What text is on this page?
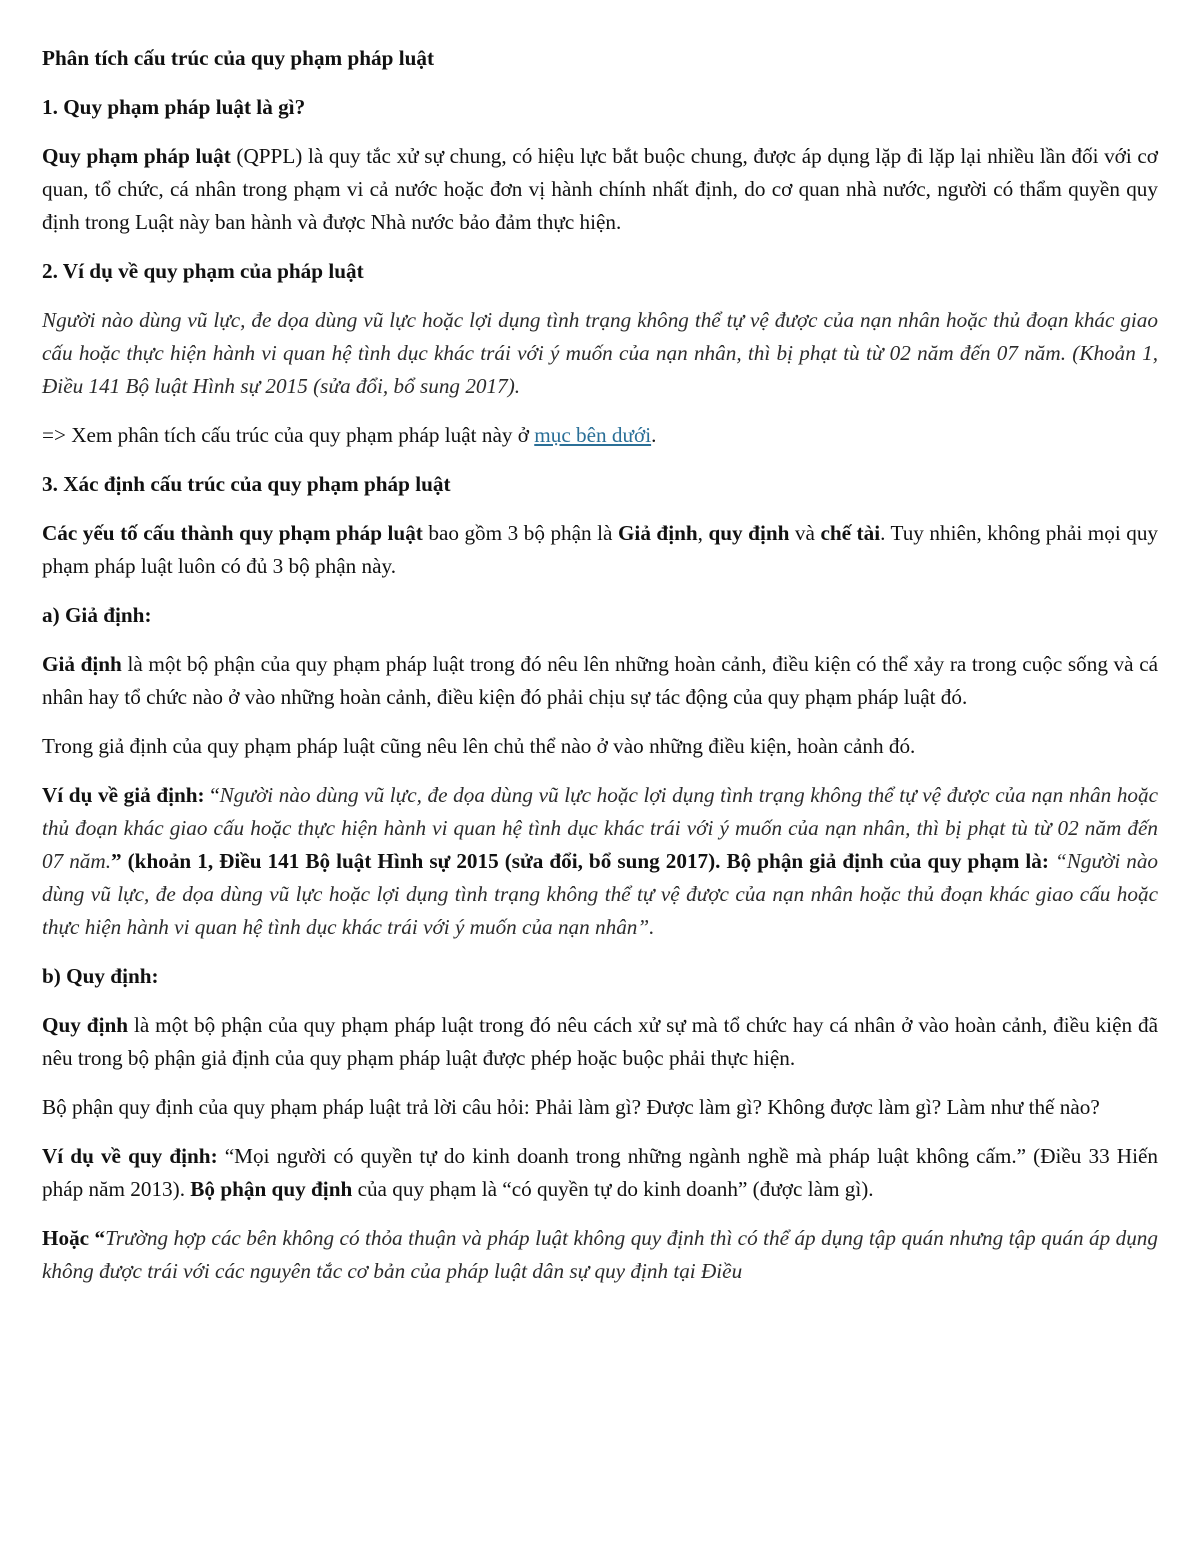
Phân tích cấu trúc của quy phạm pháp luật
1. Quy phạm pháp luật là gì?

Quy phạm pháp luật (QPPL) là quy tắc xử sự chung, có hiệu lực bắt buộc chung, được áp dụng lặp đi lặp lại nhiều lần đối với cơ quan, tổ chức, cá nhân trong phạm vi cả nước hoặc đơn vị hành chính nhất định, do cơ quan nhà nước, người có thẩm quyền quy định trong Luật này ban hành và được Nhà nước bảo đảm thực hiện.

2. Ví dụ về quy phạm của pháp luật

Người nào dùng vũ lực, đe dọa dùng vũ lực hoặc lợi dụng tình trạng không thể tự vệ được của nạn nhân hoặc thủ đoạn khác giao cấu hoặc thực hiện hành vi quan hệ tình dục khác trái với ý muốn của nạn nhân, thì bị phạt tù từ 02 năm đến 07 năm. (Khoản 1, Điều 141 Bộ luật Hình sự 2015 (sửa đổi, bổ sung 2017).

=> Xem phân tích cấu trúc của quy phạm pháp luật này ở mục bên dưới.

3. Xác định cấu trúc của quy phạm pháp luật

Các yếu tố cấu thành quy phạm pháp luật bao gồm 3 bộ phận là Giả định, quy định và chế tài. Tuy nhiên, không phải mọi quy phạm pháp luật luôn có đủ 3 bộ phận này.

a) Giả định:

Giả định là một bộ phận của quy phạm pháp luật trong đó nêu lên những hoàn cảnh, điều kiện có thể xảy ra trong cuộc sống và cá nhân hay tổ chức nào ở vào những hoàn cảnh, điều kiện đó phải chịu sự tác động của quy phạm pháp luật đó.

Trong giả định của quy phạm pháp luật cũng nêu lên chủ thể nào ở vào những điều kiện, hoàn cảnh đó.

Ví dụ về giả định: “Người nào dùng vũ lực, đe dọa dùng vũ lực hoặc lợi dụng tình trạng không thể tự vệ được của nạn nhân hoặc thủ đoạn khác giao cấu hoặc thực hiện hành vi quan hệ tình dục khác trái với ý muốn của nạn nhân, thì bị phạt tù từ 02 năm đến 07 năm.” (khoản 1, Điều 141 Bộ luật Hình sự 2015 (sửa đổi, bổ sung 2017). Bộ phận giả định của quy phạm là: “Người nào dùng vũ lực, đe dọa dùng vũ lực hoặc lợi dụng tình trạng không thể tự vệ được của nạn nhân hoặc thủ đoạn khác giao cấu hoặc thực hiện hành vi quan hệ tình dục khác trái với ý muốn của nạn nhân”.

b) Quy định:

Quy định là một bộ phận của quy phạm pháp luật trong đó nêu cách xử sự mà tổ chức hay cá nhân ở vào hoàn cảnh, điều kiện đã nêu trong bộ phận giả định của quy phạm pháp luật được phép hoặc buộc phải thực hiện.

Bộ phận quy định của quy phạm pháp luật trả lời câu hỏi: Phải làm gì? Được làm gì? Không được làm gì? Làm như thế nào?

Ví dụ về quy định: “Mọi người có quyền tự do kinh doanh trong những ngành nghề mà pháp luật không cấm.” (Điều 33 Hiến pháp năm 2013). Bộ phận quy định của quy phạm là “có quyền tự do kinh doanh” (được làm gì).

Hoặc “Trường hợp các bên không có thỏa thuận và pháp luật không quy định thì có thể áp dụng tập quán nhưng tập quán áp dụng không được trái với các nguyên tắc cơ bản của pháp luật dân sự quy định tại Điều
